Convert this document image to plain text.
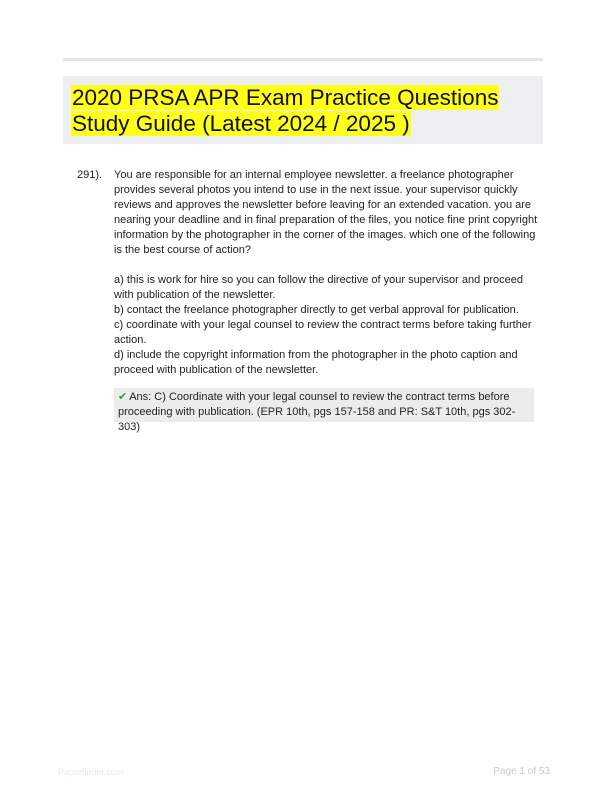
2020 PRSA APR Exam Practice Questions Study Guide (Latest 2024 / 2025 )
291). You are responsible for an internal employee newsletter. a freelance photographer provides several photos you intend to use in the next issue. your supervisor quickly reviews and approves the newsletter before leaving for an extended vacation. you are nearing your deadline and in final preparation of the files, you notice fine print copyright information by the photographer in the corner of the images. which one of the following is the best course of action?

a) this is work for hire so you can follow the directive of your supervisor and proceed with publication of the newsletter.

b) contact the freelance photographer directly to get verbal approval for publication.

c) coordinate with your legal counsel to review the contract terms before taking further action.

d) include the copyright information from the photographer in the photo caption and proceed with publication of the newsletter.

✔ Ans: C) Coordinate with your legal counsel to review the contract terms before proceeding with publication. (EPR 10th, pgs 157-158 and PR: S&T 10th, pgs 302-303)
Paperfinder.com	Page 1 of 53
